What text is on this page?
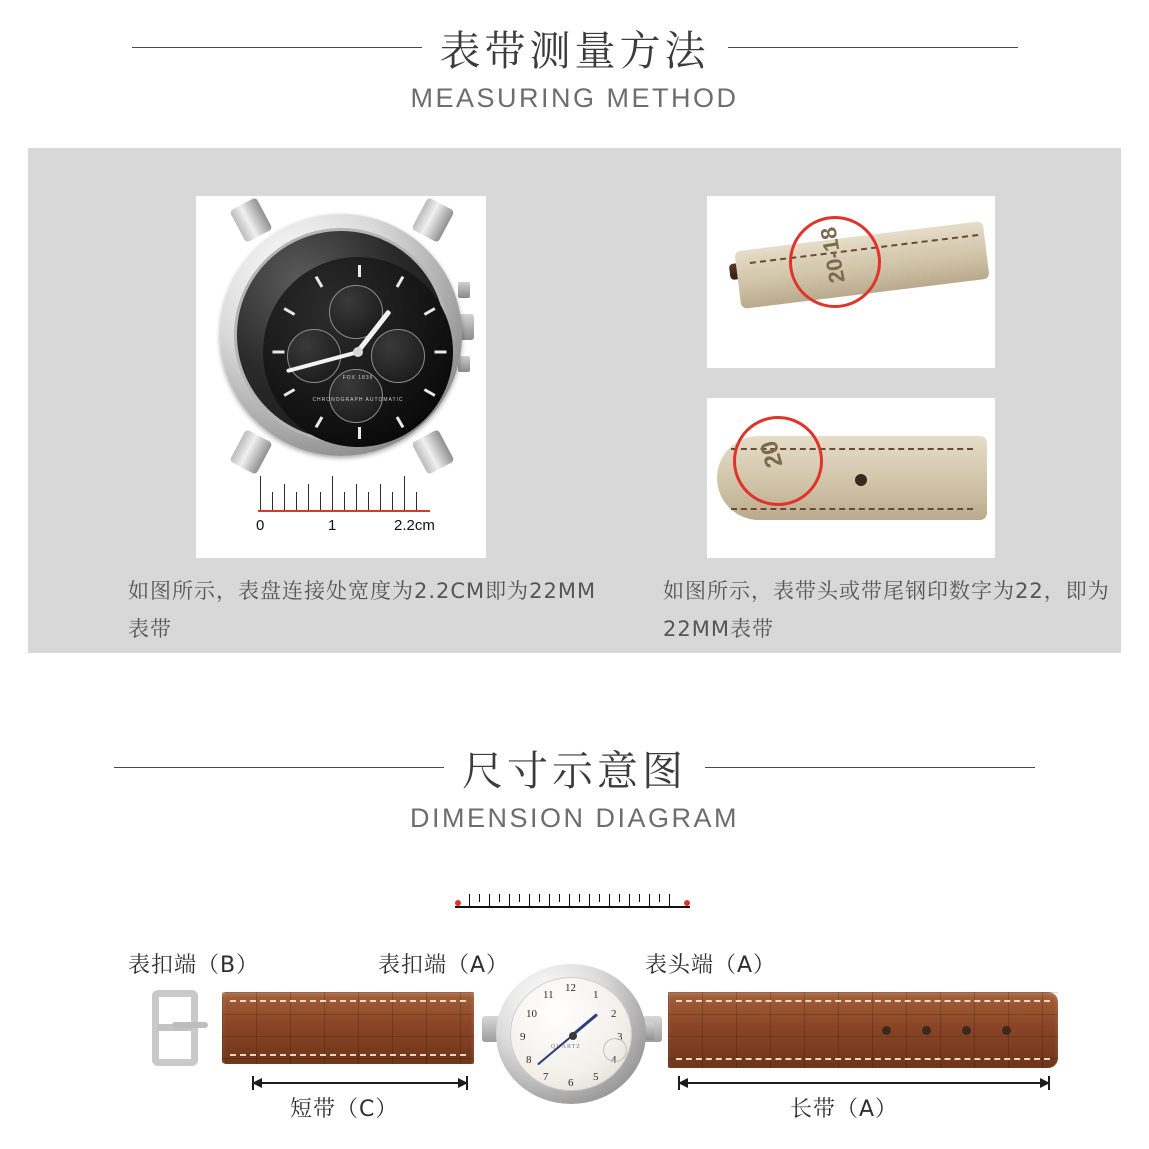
表带测量方法
MEASURING METHOD
FOX 1835
CHRONOGRAPH AUTOMATIC
0	1	2.2cm
20-18
20
如图所示，表盘连接处宽度为2.2CM即为22MM表带
如图所示，表带头或带尾钢印数字为22，即为22MM表带
尺寸示意图
DIMENSION DIAGRAM
表扣端（B）	表扣端（A）	表头端（A）
12
1
2
3
4
5
6
7
8
9
10
11
QUARTZ
短带（C）	长带（A）
